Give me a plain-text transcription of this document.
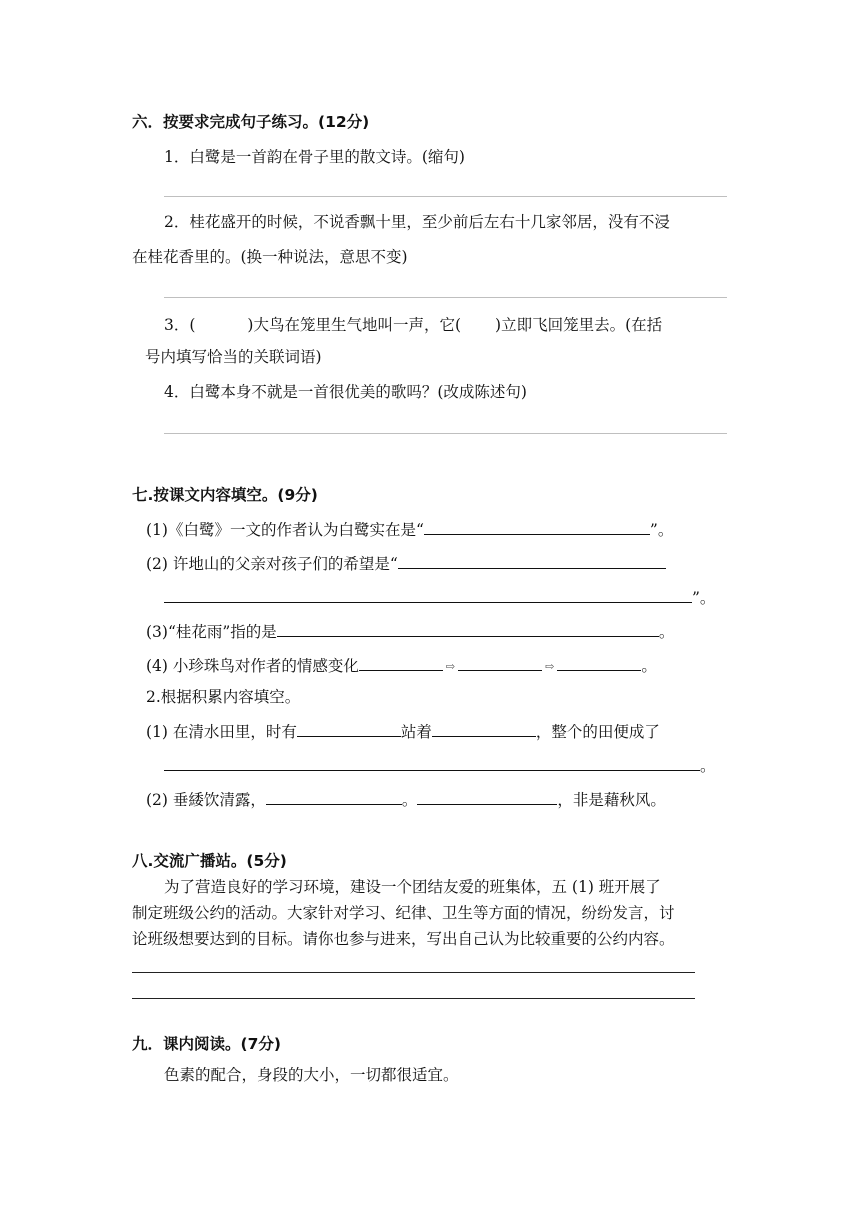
六．按要求完成句子练习。(12分)
1．白鹭是一首韵在骨子里的散文诗。(缩句)
2．桂花盛开的时候，不说香飘十里，至少前后左右十几家邻居，没有不浸
在桂花香里的。(换一种说法，意思不变)
3．(	)大鸟在笼里生气地叫一声，它( )立即飞回笼里去。(在括
号内填写恰当的关联词语)
4．白鹭本身不就是一首很优美的歌吗？(改成陈述句)
七.按课文内容填空。(9分)
(1)《白鹭》一文的作者认为白鹭实在是“	”。
(2) 许地山的父亲对孩子们的希望是“
”。
(3)“桂花雨”指的是	。
(4) 小珍珠鸟对作者的情感变化	⇨	⇨	。
2.根据积累内容填空。
(1) 在清水田里，时有	站着	，整个的田便成了
。
(2) 垂緌饮清露，	。	，非是藉秋风。
八.交流广播站。(5分)
为了营造良好的学习环境，建设一个团结友爱的班集体，五 (1) 班开展了
制定班级公约的活动。大家针对学习、纪律、卫生等方面的情况，纷纷发言，讨
论班级想要达到的目标。请你也参与进来，写出自己认为比较重要的公约内容。
九．课内阅读。(7分)
色素的配合，身段的大小，一切都很适宜。
